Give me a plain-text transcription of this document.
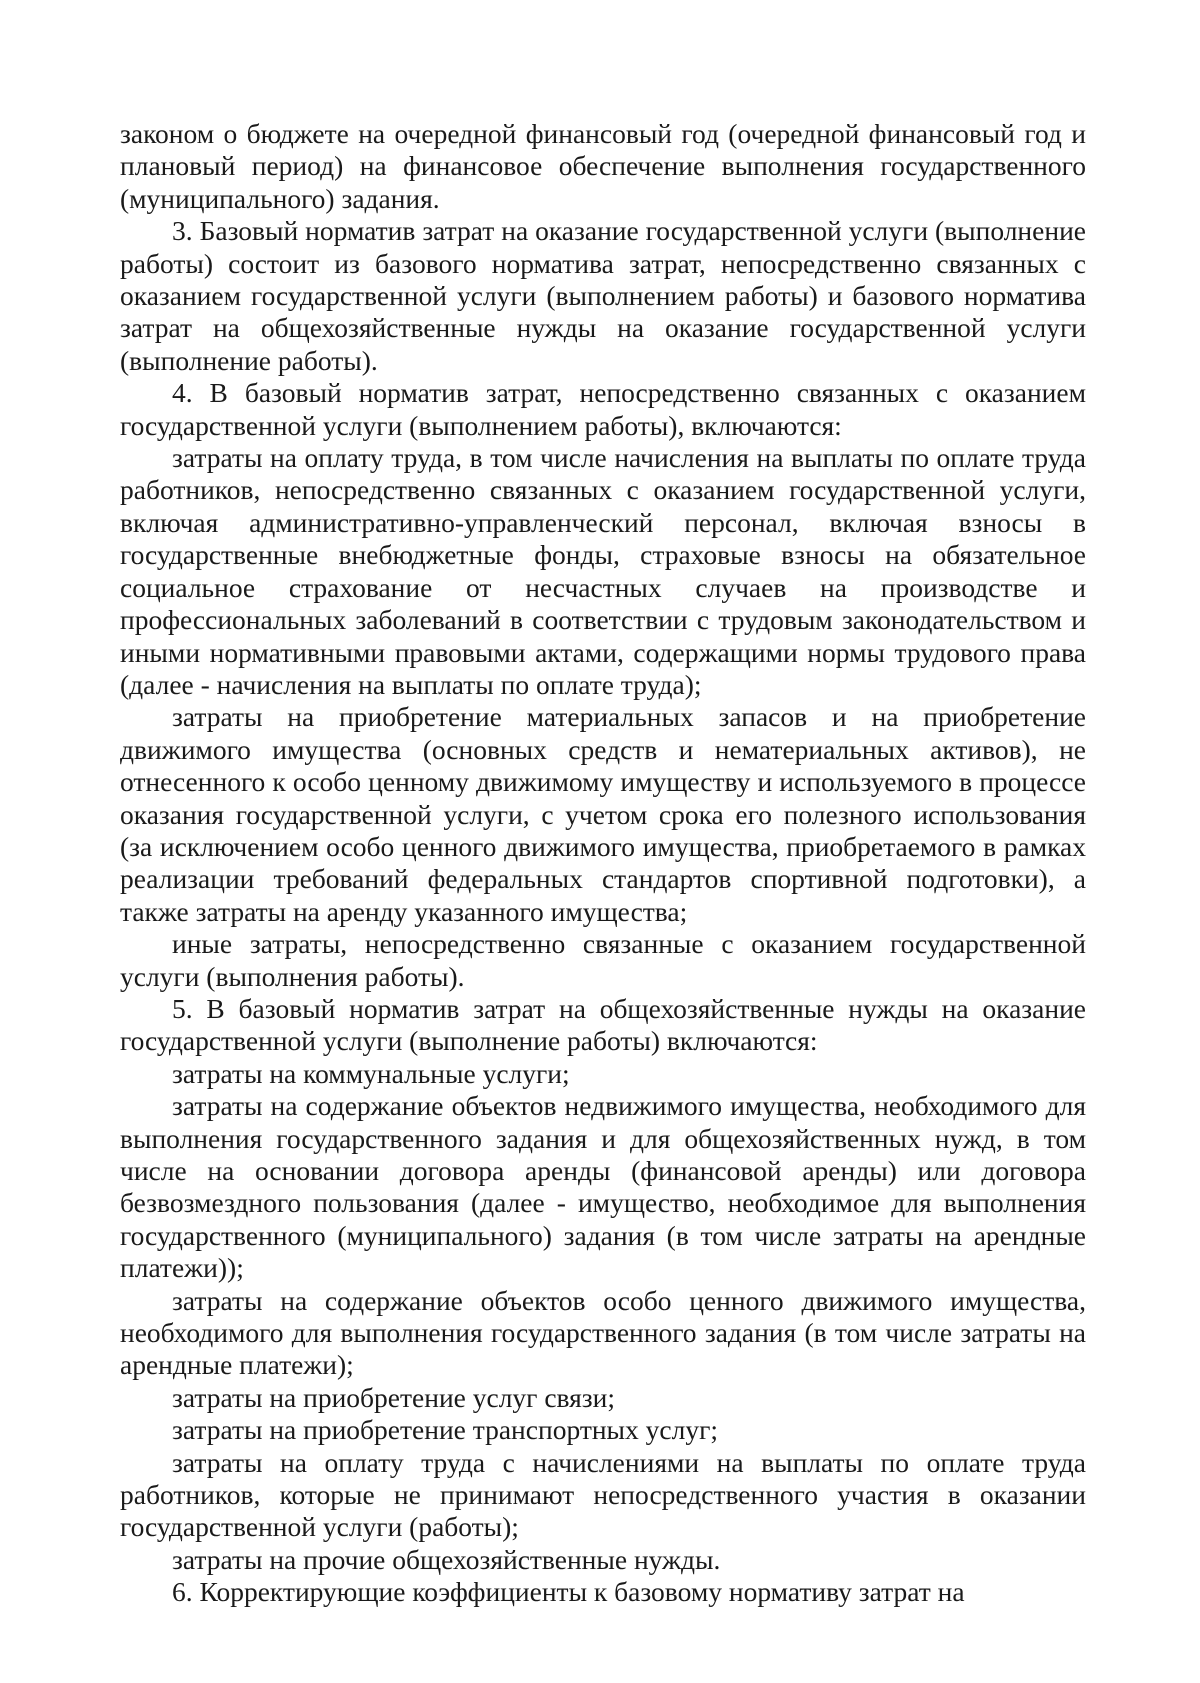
законом о бюджете на очередной финансовый год (очередной финансовый год и плановый период) на финансовое обеспечение выполнения государственного (муниципального) задания.

3. Базовый норматив затрат на оказание государственной услуги (выполнение работы) состоит из базового норматива затрат, непосредственно связанных с оказанием государственной услуги (выполнением работы) и базового норматива затрат на общехозяйственные нужды на оказание государственной услуги (выполнение работы).

4. В базовый норматив затрат, непосредственно связанных с оказанием государственной услуги (выполнением работы), включаются:

затраты на оплату труда, в том числе начисления на выплаты по оплате труда работников, непосредственно связанных с оказанием государственной услуги, включая административно-управленческий персонал, включая взносы в государственные внебюджетные фонды, страховые взносы на обязательное социальное страхование от несчастных случаев на производстве и профессиональных заболеваний в соответствии с трудовым законодательством и иными нормативными правовыми актами, содержащими нормы трудового права (далее - начисления на выплаты по оплате труда);

затраты на приобретение материальных запасов и на приобретение движимого имущества (основных средств и нематериальных активов), не отнесенного к особо ценному движимому имуществу и используемого в процессе оказания государственной услуги, с учетом срока его полезного использования (за исключением особо ценного движимого имущества, приобретаемого в рамках реализации требований федеральных стандартов спортивной подготовки), а также затраты на аренду указанного имущества;

иные затраты, непосредственно связанные с оказанием государственной услуги (выполнения работы).

5. В базовый норматив затрат на общехозяйственные нужды на оказание государственной услуги (выполнение работы) включаются:

затраты на коммунальные услуги;

затраты на содержание объектов недвижимого имущества, необходимого для выполнения государственного задания и для общехозяйственных нужд, в том числе на основании договора аренды (финансовой аренды) или договора безвозмездного пользования (далее - имущество, необходимое для выполнения государственного (муниципального) задания (в том числе затраты на арендные платежи));

затраты на содержание объектов особо ценного движимого имущества, необходимого для выполнения государственного задания (в том числе затраты на арендные платежи);

затраты на приобретение услуг связи;

затраты на приобретение транспортных услуг;

затраты на оплату труда с начислениями на выплаты по оплате труда работников, которые не принимают непосредственного участия в оказании государственной услуги (работы);

затраты на прочие общехозяйственные нужды.

6. Корректирующие коэффициенты к базовому нормативу затрат на
